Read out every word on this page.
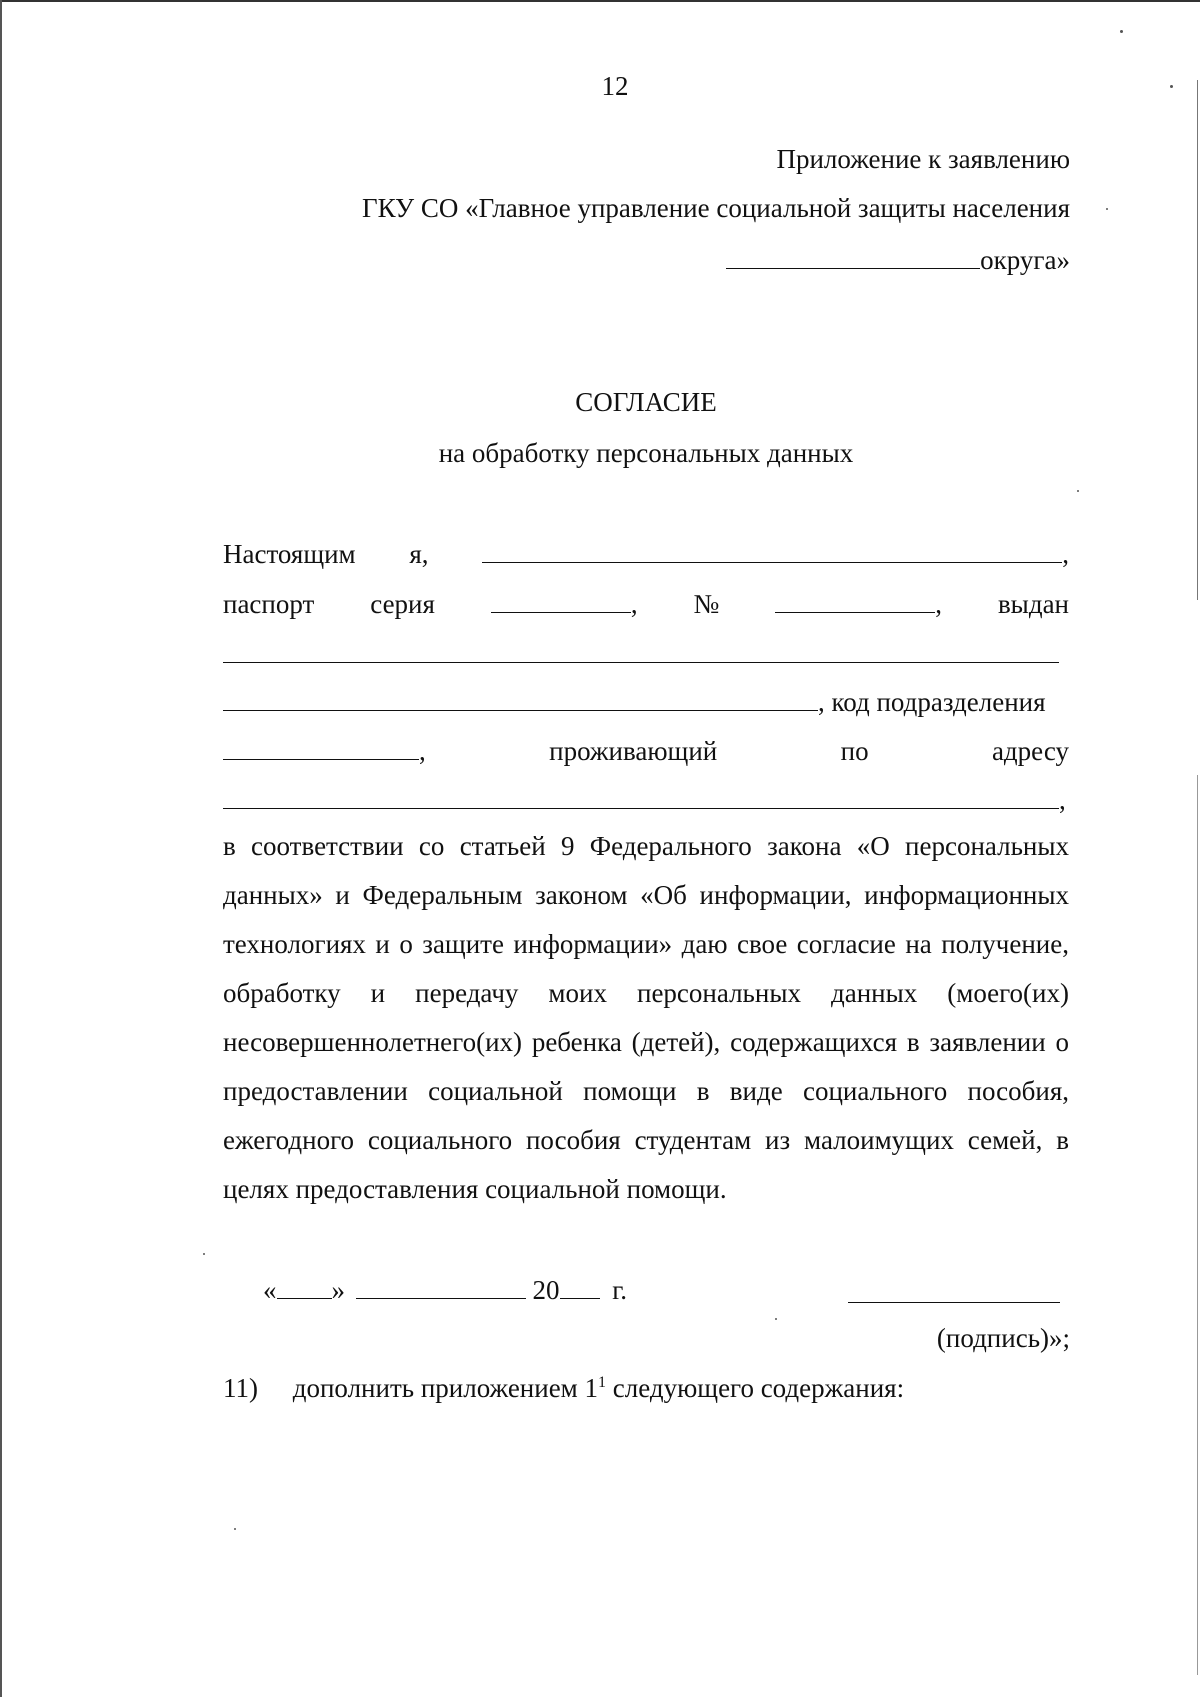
12
Приложение к заявлению
ГКУ СО «Главное управление социальной защиты населения
округа»
СОГЛАСИЕ
на обработку персональных данных
Настоящим я,	,
паспорт серия	, №	, выдан
, код подразделения
,	проживающий	по	адресу
,
в соответствии со статьей 9 Федерального закона «О персональных данных» и Федеральным законом «Об информации, информационных технологиях и о защите информации» даю свое согласие на получение, обработку и передачу моих персональных данных (моего(их) несовершеннолетнего(их) ребенка (детей), содержащихся в заявлении о предоставлении социальной помощи в виде социального пособия, ежегодного социального пособия студентам из малоимущих семей, в целях предоставления социальной помощи.
« »	20 г.
(подпись)»;
11) дополнить приложением $1^1$ следующего содержания:
